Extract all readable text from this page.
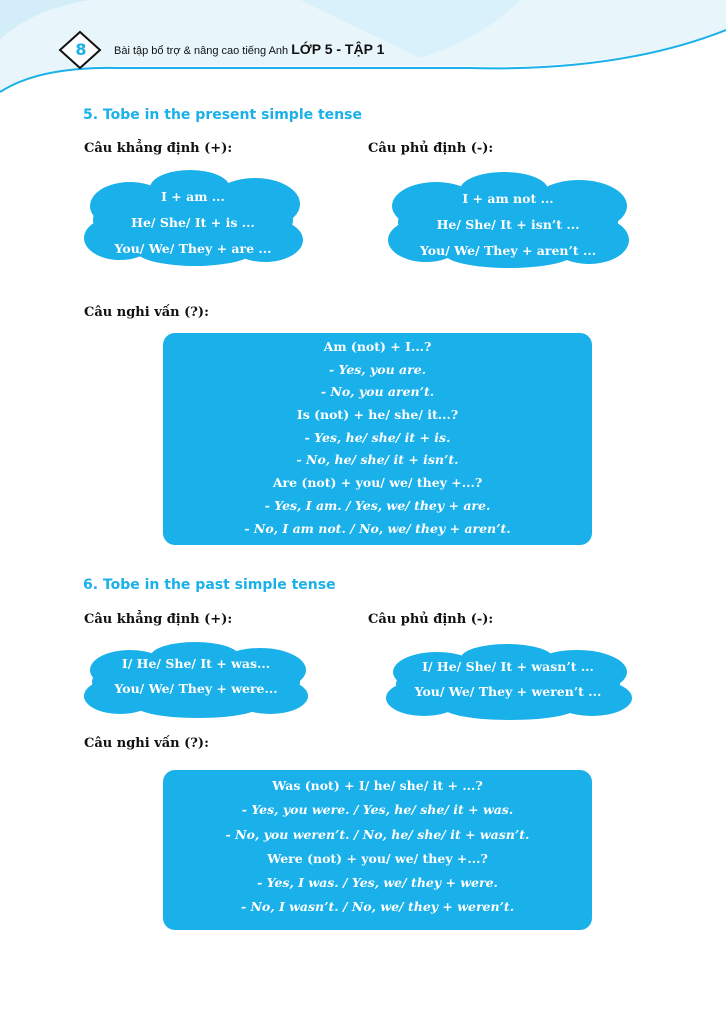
8	Bài tập bổ trợ & nâng cao tiếng Anh LỚP 5 - TẬP 1
5. Tobe in the present simple tense
Câu khẳng định (+):	Câu phủ định (-):
I + am ...
He/ She/ It + is ...
You/ We/ They + are ...
I + am not ...
He/ She/ It + isn’t ...
You/ We/ They + aren’t ...
Câu nghi vấn (?):
Am (not) + I...?
- Yes, you are.
- No, you aren’t.
Is (not) + he/ she/ it...?
- Yes, he/ she/ it + is.
- No, he/ she/ it + isn’t.
Are (not) + you/ we/ they +...?
- Yes, I am. / Yes, we/ they + are.
- No, I am not. / No, we/ they + aren’t.
6. Tobe in the past simple tense
Câu khẳng định (+):	Câu phủ định (-):
I/ He/ She/ It + was...
You/ We/ They + were...
I/ He/ She/ It + wasn’t ...
You/ We/ They + weren’t ...
Câu nghi vấn (?):
Was (not) + I/ he/ she/ it + ...?
- Yes, you were. / Yes, he/ she/ it + was.
- No, you weren’t. / No, he/ she/ it + wasn’t.
Were (not) + you/ we/ they +...?
- Yes, I was. / Yes, we/ they + were.
- No, I wasn’t. / No, we/ they + weren’t.
